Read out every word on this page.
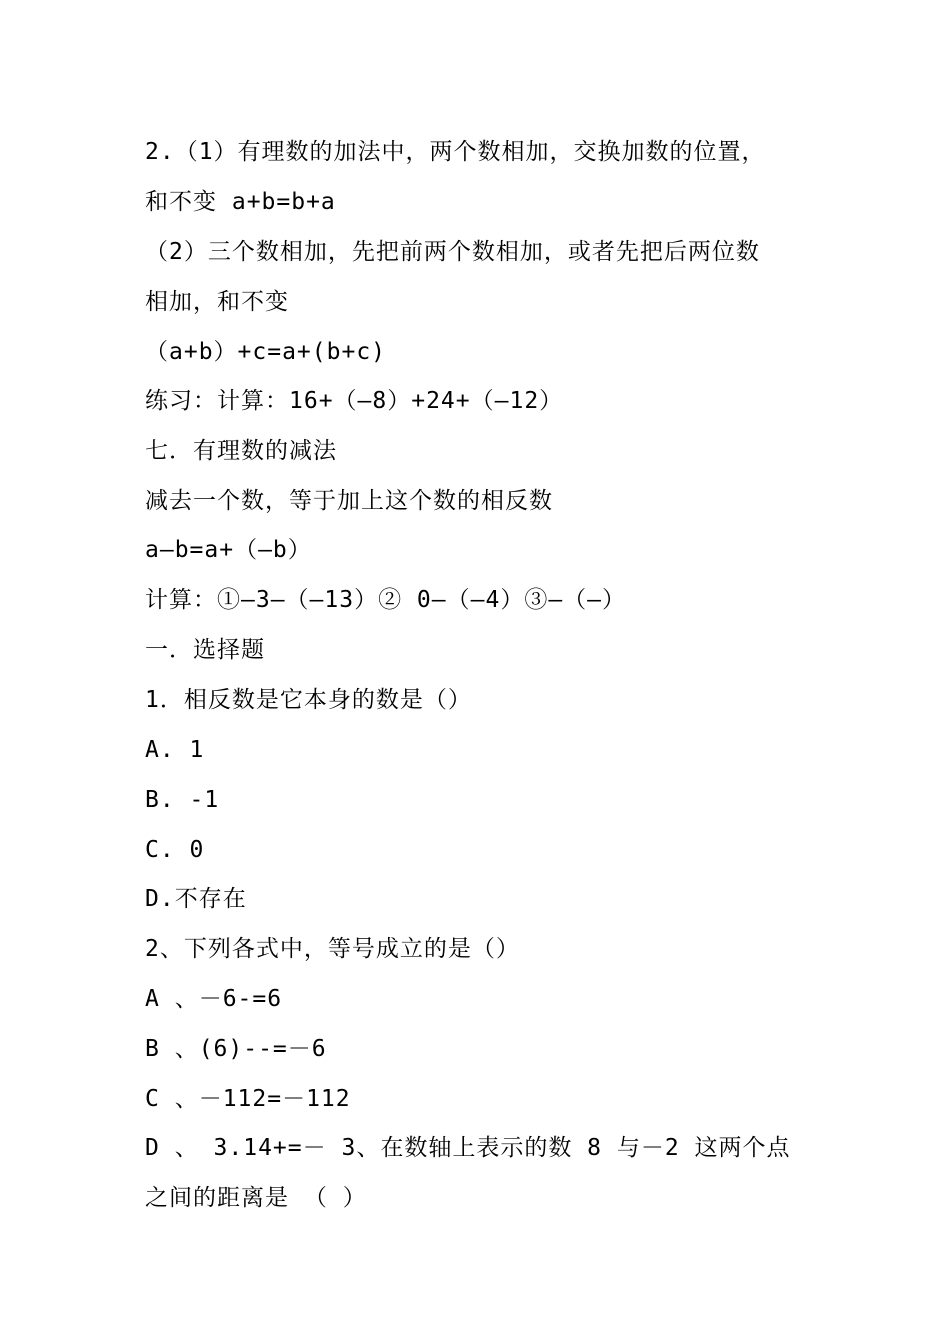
2.（1）有理数的加法中，两个数相加，交换加数的位置，
和不变 a+b=b+a
（2）三个数相加，先把前两个数相加，或者先把后两位数
相加，和不变
（a+b）+c=a+(b+c)
练习：计算：16+（—8）+24+（—12）
七．有理数的减法
减去一个数，等于加上这个数的相反数
a—b=a+（—b）
计算：①—3—（—13）② 0—（—4）③—（—）
一．选择题
1．相反数是它本身的数是（）
A. 1
B. -1
C. 0
D.不存在
2、下列各式中，等号成立的是（）
A 、－6-=6
B 、(6)--=－6
C 、－112=－112
D 、 3.14+=－ 3、在数轴上表示的数 8 与－2 这两个点
之间的距离是 （ ）
